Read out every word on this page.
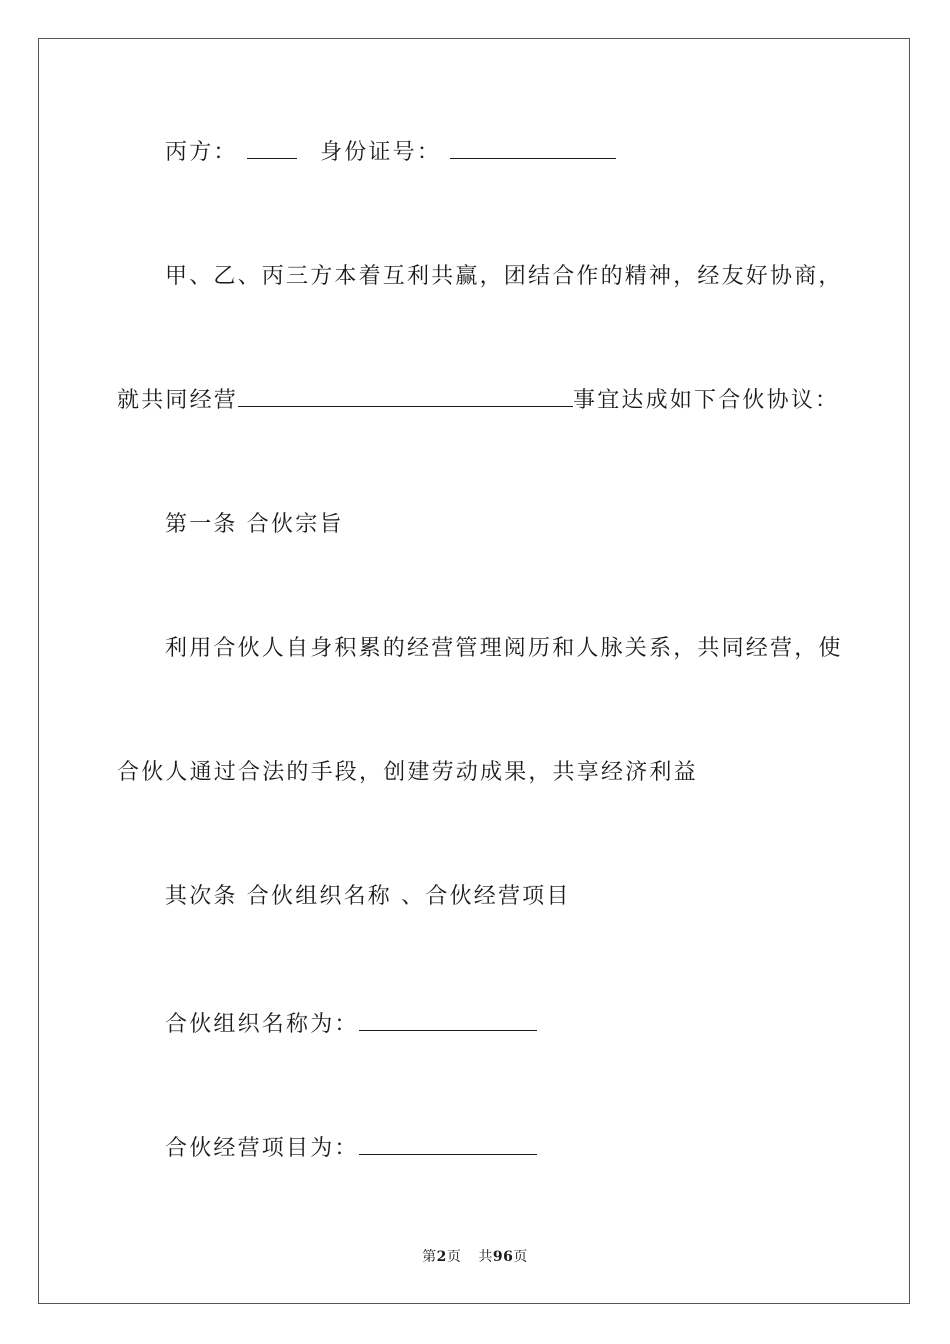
丙方：	身份证号：
甲、乙、丙三方本着互利共赢，团结合作的精神，经友好协商，
就共同经营	事宜达成如下合伙协议：
第一条 合伙宗旨
利用合伙人自身积累的经营管理阅历和人脉关系，共同经营，使
合伙人通过合法的手段，创建劳动成果，共享经济利益
其次条 合伙组织名称 、合伙经营项目
合伙组织名称为：
合伙经营项目为：
第2页 共96页
